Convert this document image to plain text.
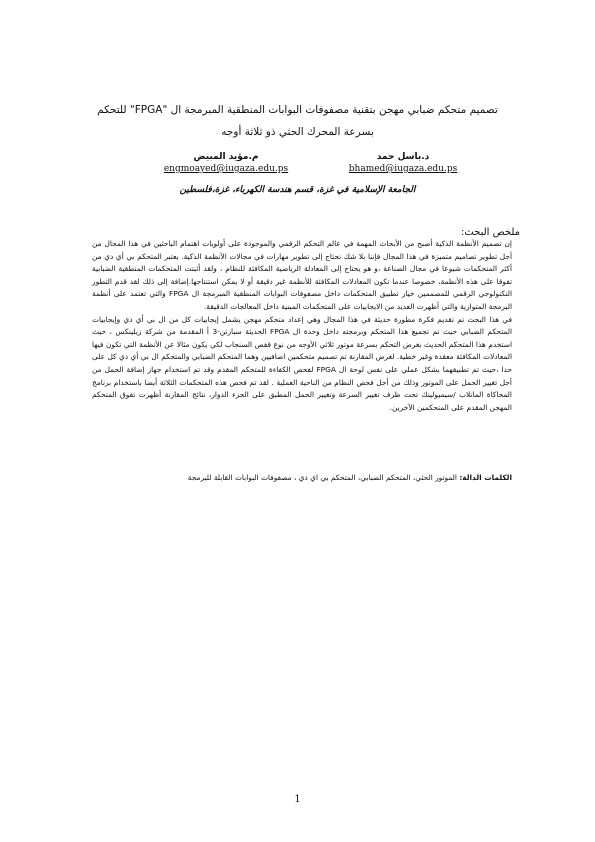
تصميم متحكم ضبابي مهجن بتقنية مصفوفات البوابات المنطقية المبرمجة ال "FPGA" للتحكم
بسرعة المحرك الحثي ذو ثلاثة أوجه
د.باسل حمد
bhamed@iugaza.edu.ps
م.مؤيد المبيض
engmoayed@iugaza.edu.ps
الجامعة الإسلامية في غزة، قسم هندسة الكهرباء، غزة،فلسطين
ملخص البحث:

إن تصميم الأنظمة الذكية أصبح من الأبحاث المهمة في عالم التحكم الرقمي والموجودة على أولويات اهتمام الباحثين في هذا المجال من أجل تطوير تصاميم متميزة في هذا المجال فإننا بلا شك نحتاج إلى تطوير مهارات في مجالات الأنظمة الذكية. يعتبر المتحكم بي أي دي من أكثر المتحكمات شيوعا في مجال الصناعة ،و هو يحتاج إلى المعادلة الرياضية المكافئة للنظام ، ولقد أثبتت المتحكمات المنطقية الضبابية تفوقا على هذه الأنظمة، خصوصا عندما تكون المعادلات المكافئة للأنظمة غير دقيقة أو لا يمكن استنتاجها.إضافة إلى ذلك لقد قدم التطور التكنولوجي الرقمي للمصممين خيار تطبيق المتحكمات داخل مصفوفات البوابات المنطقية المبرمجة ال FPGA والتي تعتمد على أنظمة البرمجة المتوازية والتي أظهرت العديد من الايجابيات على المتحكمات المبنية داخل المعالجات الدقيقة.

في هذا البحث تم تقديم فكرة مطورة حديثة في هذا المجال وهي إعداد متحكم مهجن يشمل إيجابيات كل من ال بي أي دي وإيجابيات المتحكم الضبابي حيث تم تجميع هذا المتحكم وبرمجته داخل وحدة ال FPGA الحديثة سبارتن-3 أ المقدمة من شركة زيلينكس ، حيث استخدم هذا المتحكم الحديث بغرض التحكم بسرعة موتور ثلاثي الأوجه من نوع قفص السنجاب لكي يكون مثالا عن الأنظمة التي تكون فيها المعادلات المكافئة معقدة وغير خطية. لغرض المقارنة تم تصميم متحكمين اضافيين وهما المتحكم الضبابي والمتحكم ال بي أي دي كل على حدا ،حيث تم تطبيقهما بشكل عملي على نفس لوحة ال FPGA لفحص الكفاءة للمتحكم المقدم وقد تم استخدام جهاز إضافة الحمل من أجل تغيير الحمل على الموتور وذلك من أجل فحص النظام من الناحية العملية . لقد تم فحص هذه المتحكمات الثلاثة أيضا باستخدام برنامج المحاكاة الماتلاب /سيميولينك تحت ظرف تغيير السرعة وتغيير الحمل المطبق على الجزء الدوار، نتائج المقارنة أظهرت تفوق المتحكم المهجن المقدم على المتحكمين الآخرين.

الكلمات الدالة: الموتور الحثي، المتحكم الضبابي، المتحكم بي اي دي ، مصفوفات البوابات القابلة للبرمجة
1
